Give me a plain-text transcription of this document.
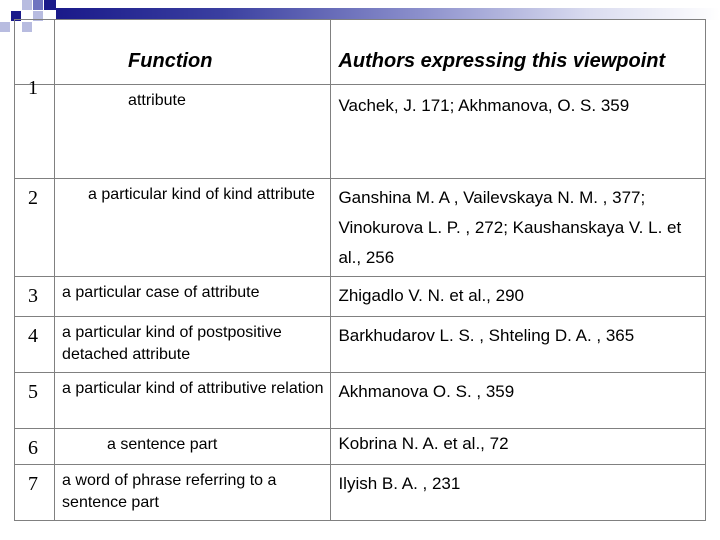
	Function	Authors expressing this viewpoint

1	attribute	Vachek, J. 171; Akhmanova, O. S. 359
2	a particular kind of kind attribute	Ganshina M. A , Vailevskaya N. M. , 377; Vinokurova L. P. , 272; Kaushanskaya V. L. et al., 256
3	a particular case of attribute	Zhigadlo V. N. et al., 290
4	a particular kind of postpositive detached attribute	Barkhudarov L. S. , Shteling D. A. , 365
5	a particular kind of attributive relation	Akhmanova O. S. , 359
6	a sentence part	Kobrina N. A. et al., 72
7	a word of phrase referring to a sentence part	Ilyish B. A. , 231
